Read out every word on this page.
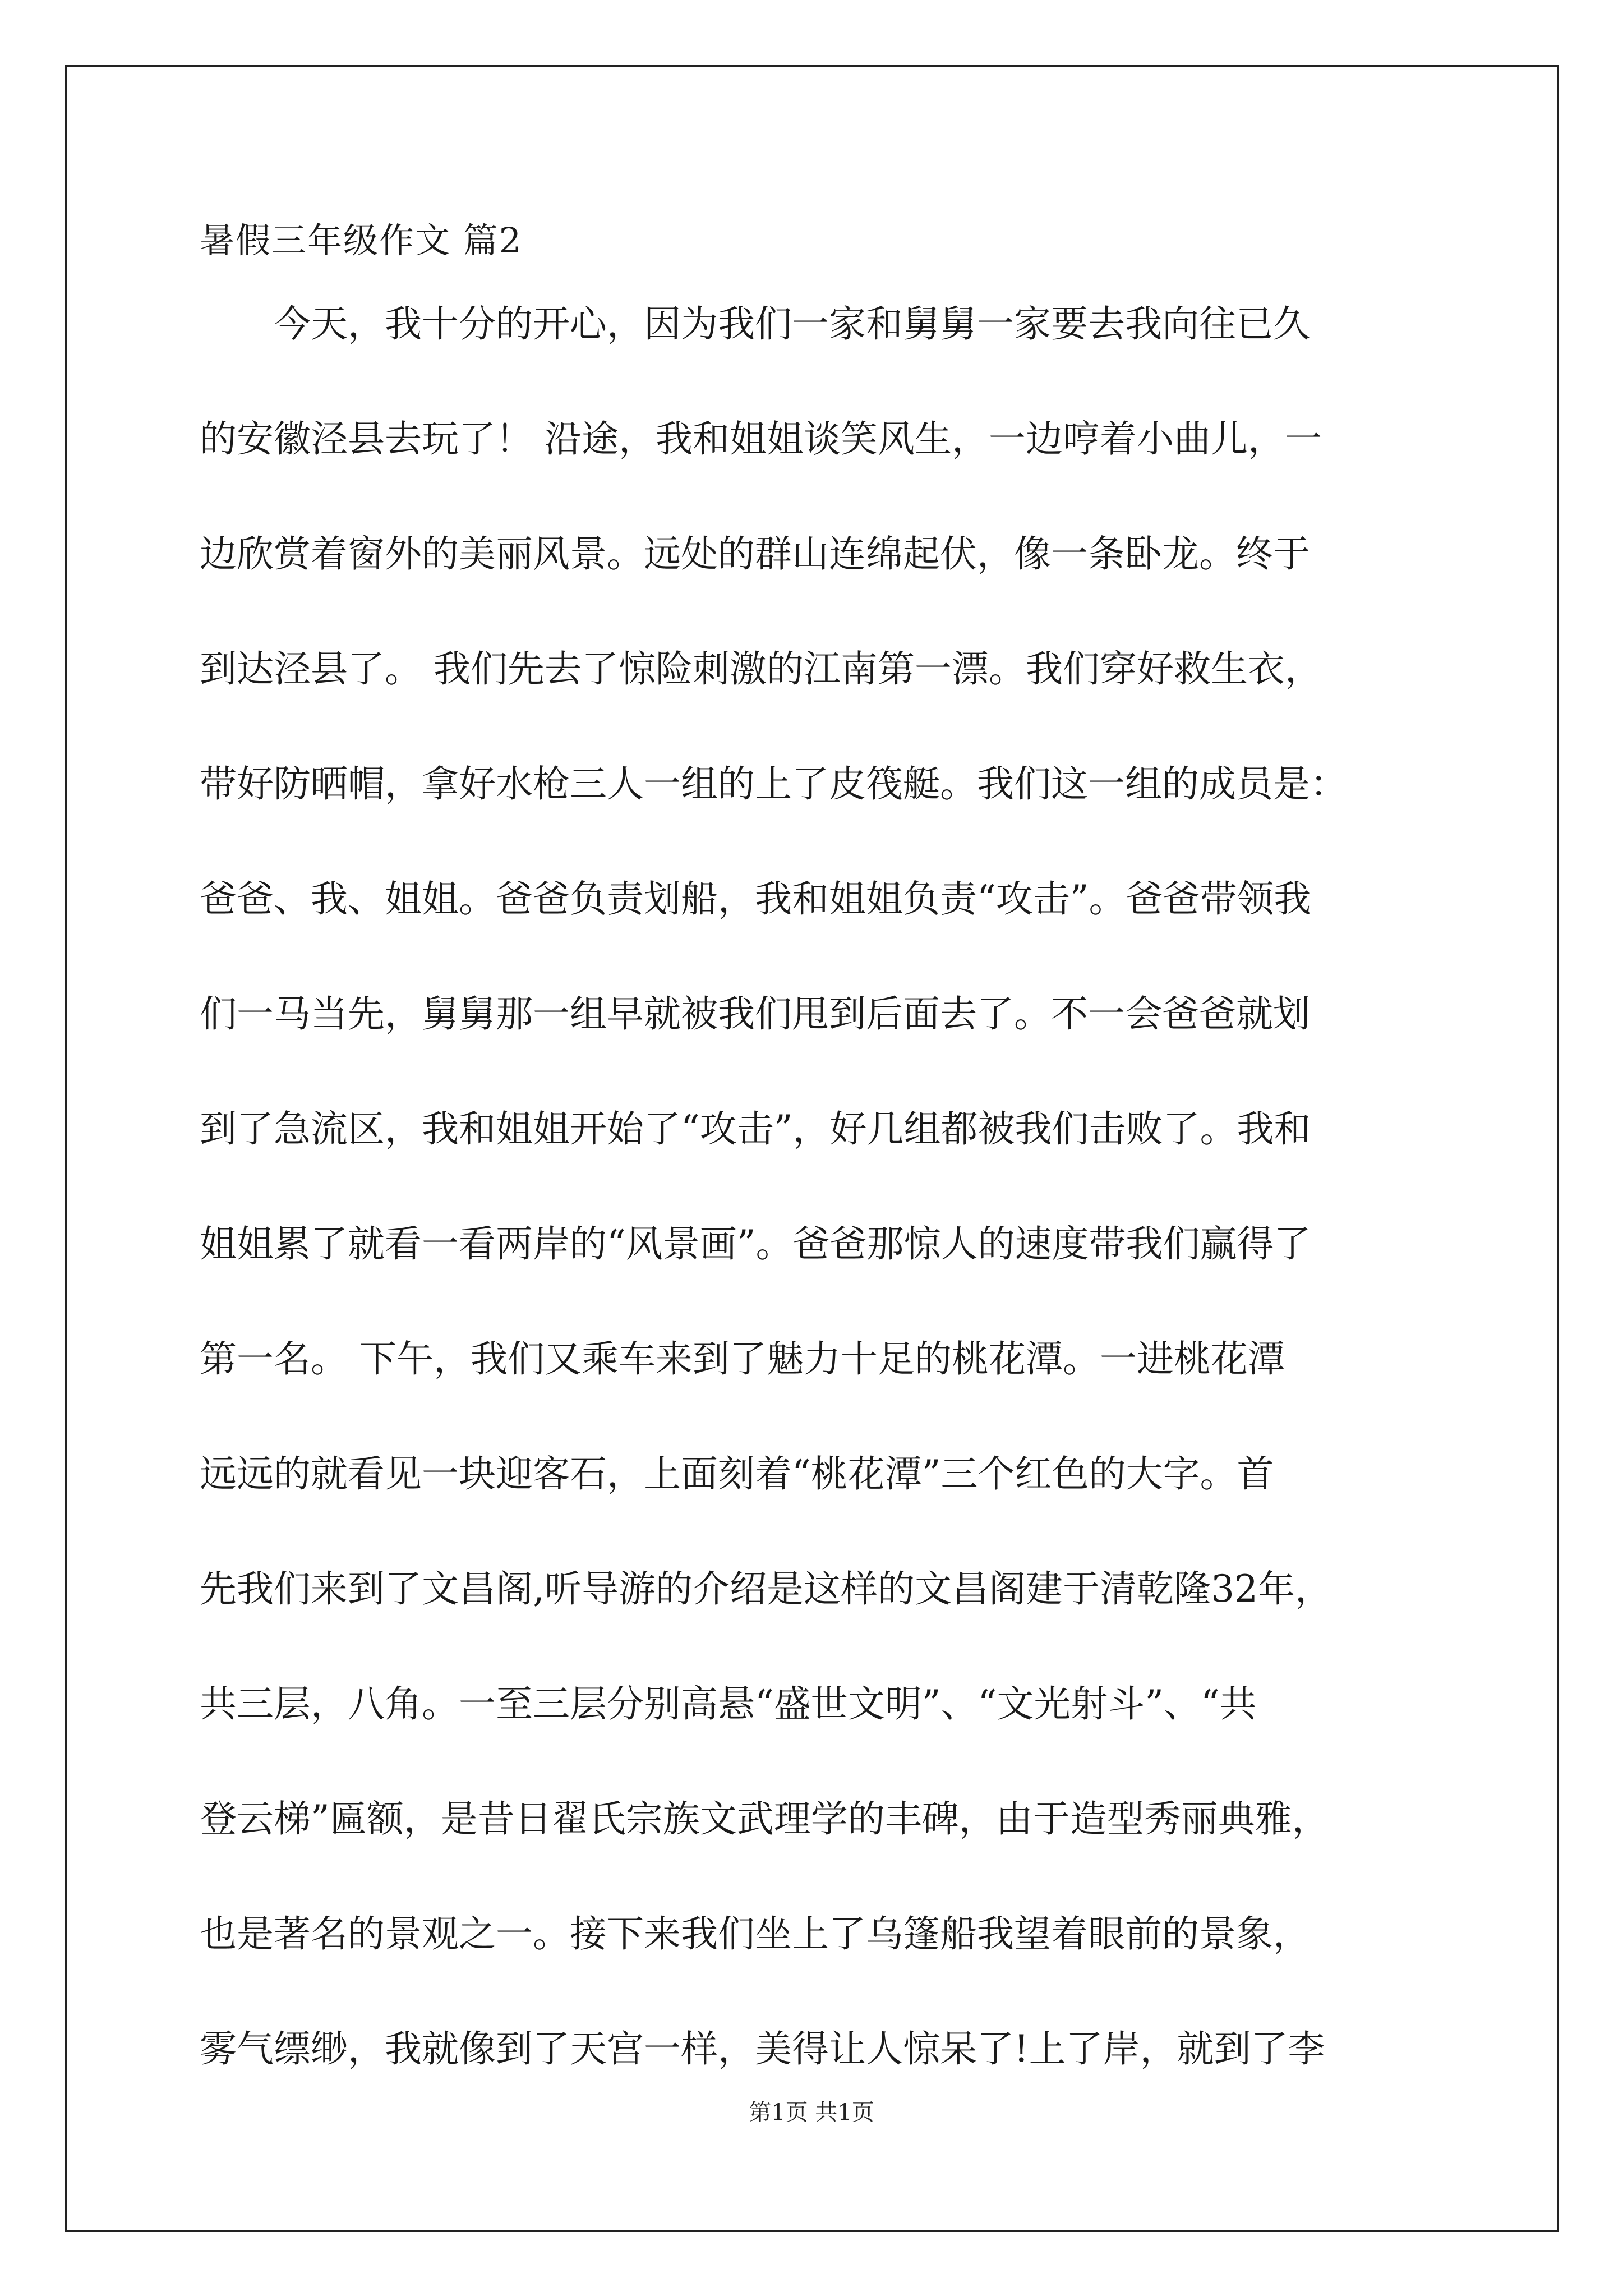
暑假三年级作文 篇2
　　今天，我十分的开心，因为我们一家和舅舅一家要去我向往已久
的安徽泾县去玩了！ 沿途，我和姐姐谈笑风生，一边哼着小曲儿，一
边欣赏着窗外的美丽风景。远处的群山连绵起伏，像一条卧龙。终于
到达泾县了。 我们先去了惊险刺激的江南第一漂。我们穿好救生衣，
带好防晒帽，拿好水枪三人一组的上了皮筏艇。我们这一组的成员是：
爸爸、我、姐姐。爸爸负责划船，我和姐姐负责“攻击”。爸爸带领我
们一马当先，舅舅那一组早就被我们甩到后面去了。不一会爸爸就划
到了急流区，我和姐姐开始了“攻击”，好几组都被我们击败了。我和
姐姐累了就看一看两岸的“风景画”。爸爸那惊人的速度带我们赢得了
第一名。 下午，我们又乘车来到了魅力十足的桃花潭。一进桃花潭
远远的就看见一块迎客石，上面刻着“桃花潭”三个红色的大字。首
先我们来到了文昌阁,听导游的介绍是这样的文昌阁建于清乾隆32年，
共三层，八角。一至三层分别高悬“盛世文明”、“文光射斗”、“共
登云梯”匾额，是昔日翟氏宗族文武理学的丰碑，由于造型秀丽典雅，
也是著名的景观之一。接下来我们坐上了乌篷船我望着眼前的景象，
雾气缥缈，我就像到了天宫一样，美得让人惊呆了!上了岸，就到了李
第1页 共1页
